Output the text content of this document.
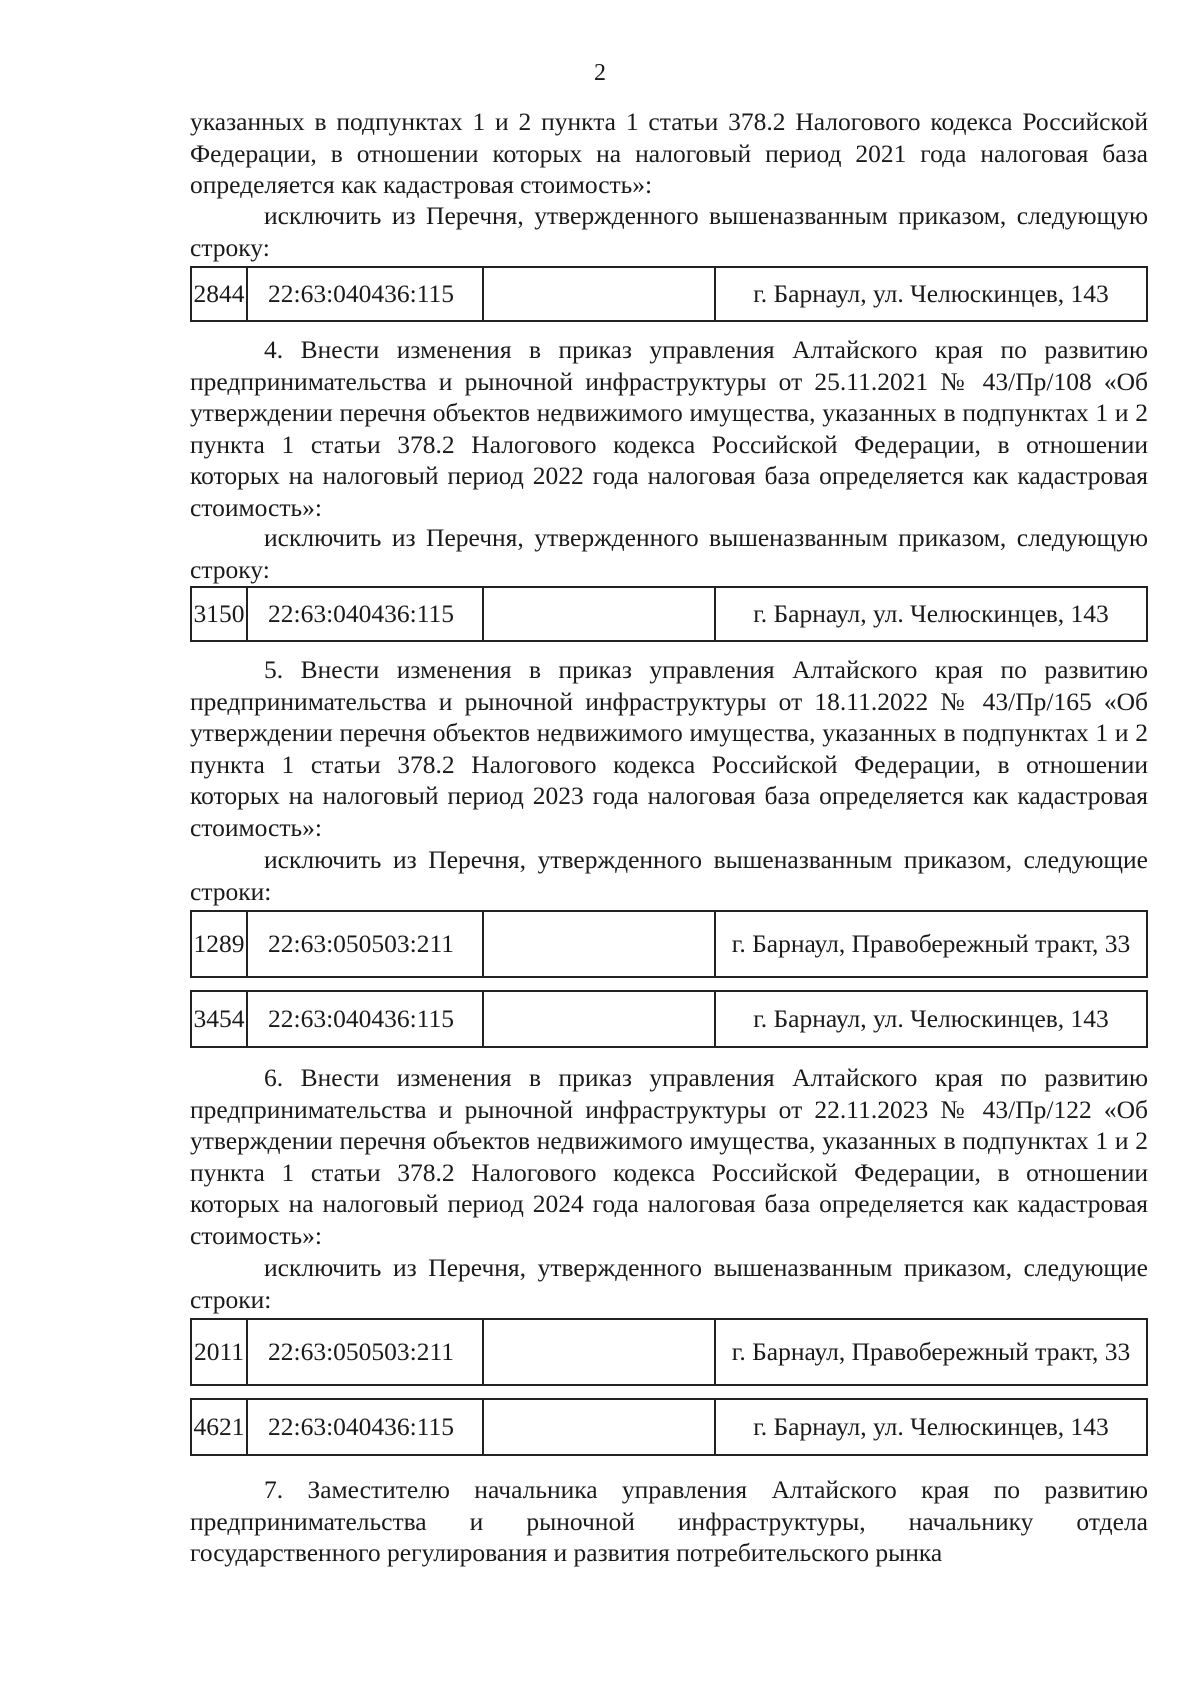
2

указанных в подпунктах 1 и 2 пункта 1 статьи 378.2 Налогового кодекса Российской Федерации, в отношении которых на налоговый период 2021 года налоговая база определяется как кадастровая стоимость»:

исключить из Перечня, утвержденного вышеназванным приказом, следующую строку:

2844 22:63:040436:115	г. Барнаул, ул. Челюскинцев, 143

4. Внести изменения в приказ управления Алтайского края по развитию предпринимательства и рыночной инфраструктуры от 25.11.2021 № 43/Пр/108 «Об утверждении перечня объектов недвижимого имущества, указанных в подпунктах 1 и 2 пункта 1 статьи 378.2 Налогового кодекса Российской Федерации, в отношении которых на налоговый период 2022 года налоговая база определяется как кадастровая стоимость»:

исключить из Перечня, утвержденного вышеназванным приказом, следующую строку:

3150 22:63:040436:115	г. Барнаул, ул. Челюскинцев, 143

5. Внести изменения в приказ управления Алтайского края по развитию предпринимательства и рыночной инфраструктуры от 18.11.2022 № 43/Пр/165 «Об утверждении перечня объектов недвижимого имущества, указанных в подпунктах 1 и 2 пункта 1 статьи 378.2 Налогового кодекса Российской Федерации, в отношении которых на налоговый период 2023 года налоговая база определяется как кадастровая стоимость»:

исключить из Перечня, утвержденного вышеназванным приказом, следующие строки:

1289 22:63:050503:211	г. Барнаул, Правобережный тракт, 33
3454 22:63:040436:115	г. Барнаул, ул. Челюскинцев, 143

6. Внести изменения в приказ управления Алтайского края по развитию предпринимательства и рыночной инфраструктуры от 22.11.2023 № 43/Пр/122 «Об утверждении перечня объектов недвижимого имущества, указанных в подпунктах 1 и 2 пункта 1 статьи 378.2 Налогового кодекса Российской Федерации, в отношении которых на налоговый период 2024 года налоговая база определяется как кадастровая стоимость»:

исключить из Перечня, утвержденного вышеназванным приказом, следующие строки:

2011 22:63:050503:211	г. Барнаул, Правобережный тракт, 33
4621 22:63:040436:115	г. Барнаул, ул. Челюскинцев, 143

7. Заместителю начальника управления Алтайского края по развитию предпринимательства и рыночной инфраструктуры, начальнику отдела государственного регулирования и развития потребительского рынка
